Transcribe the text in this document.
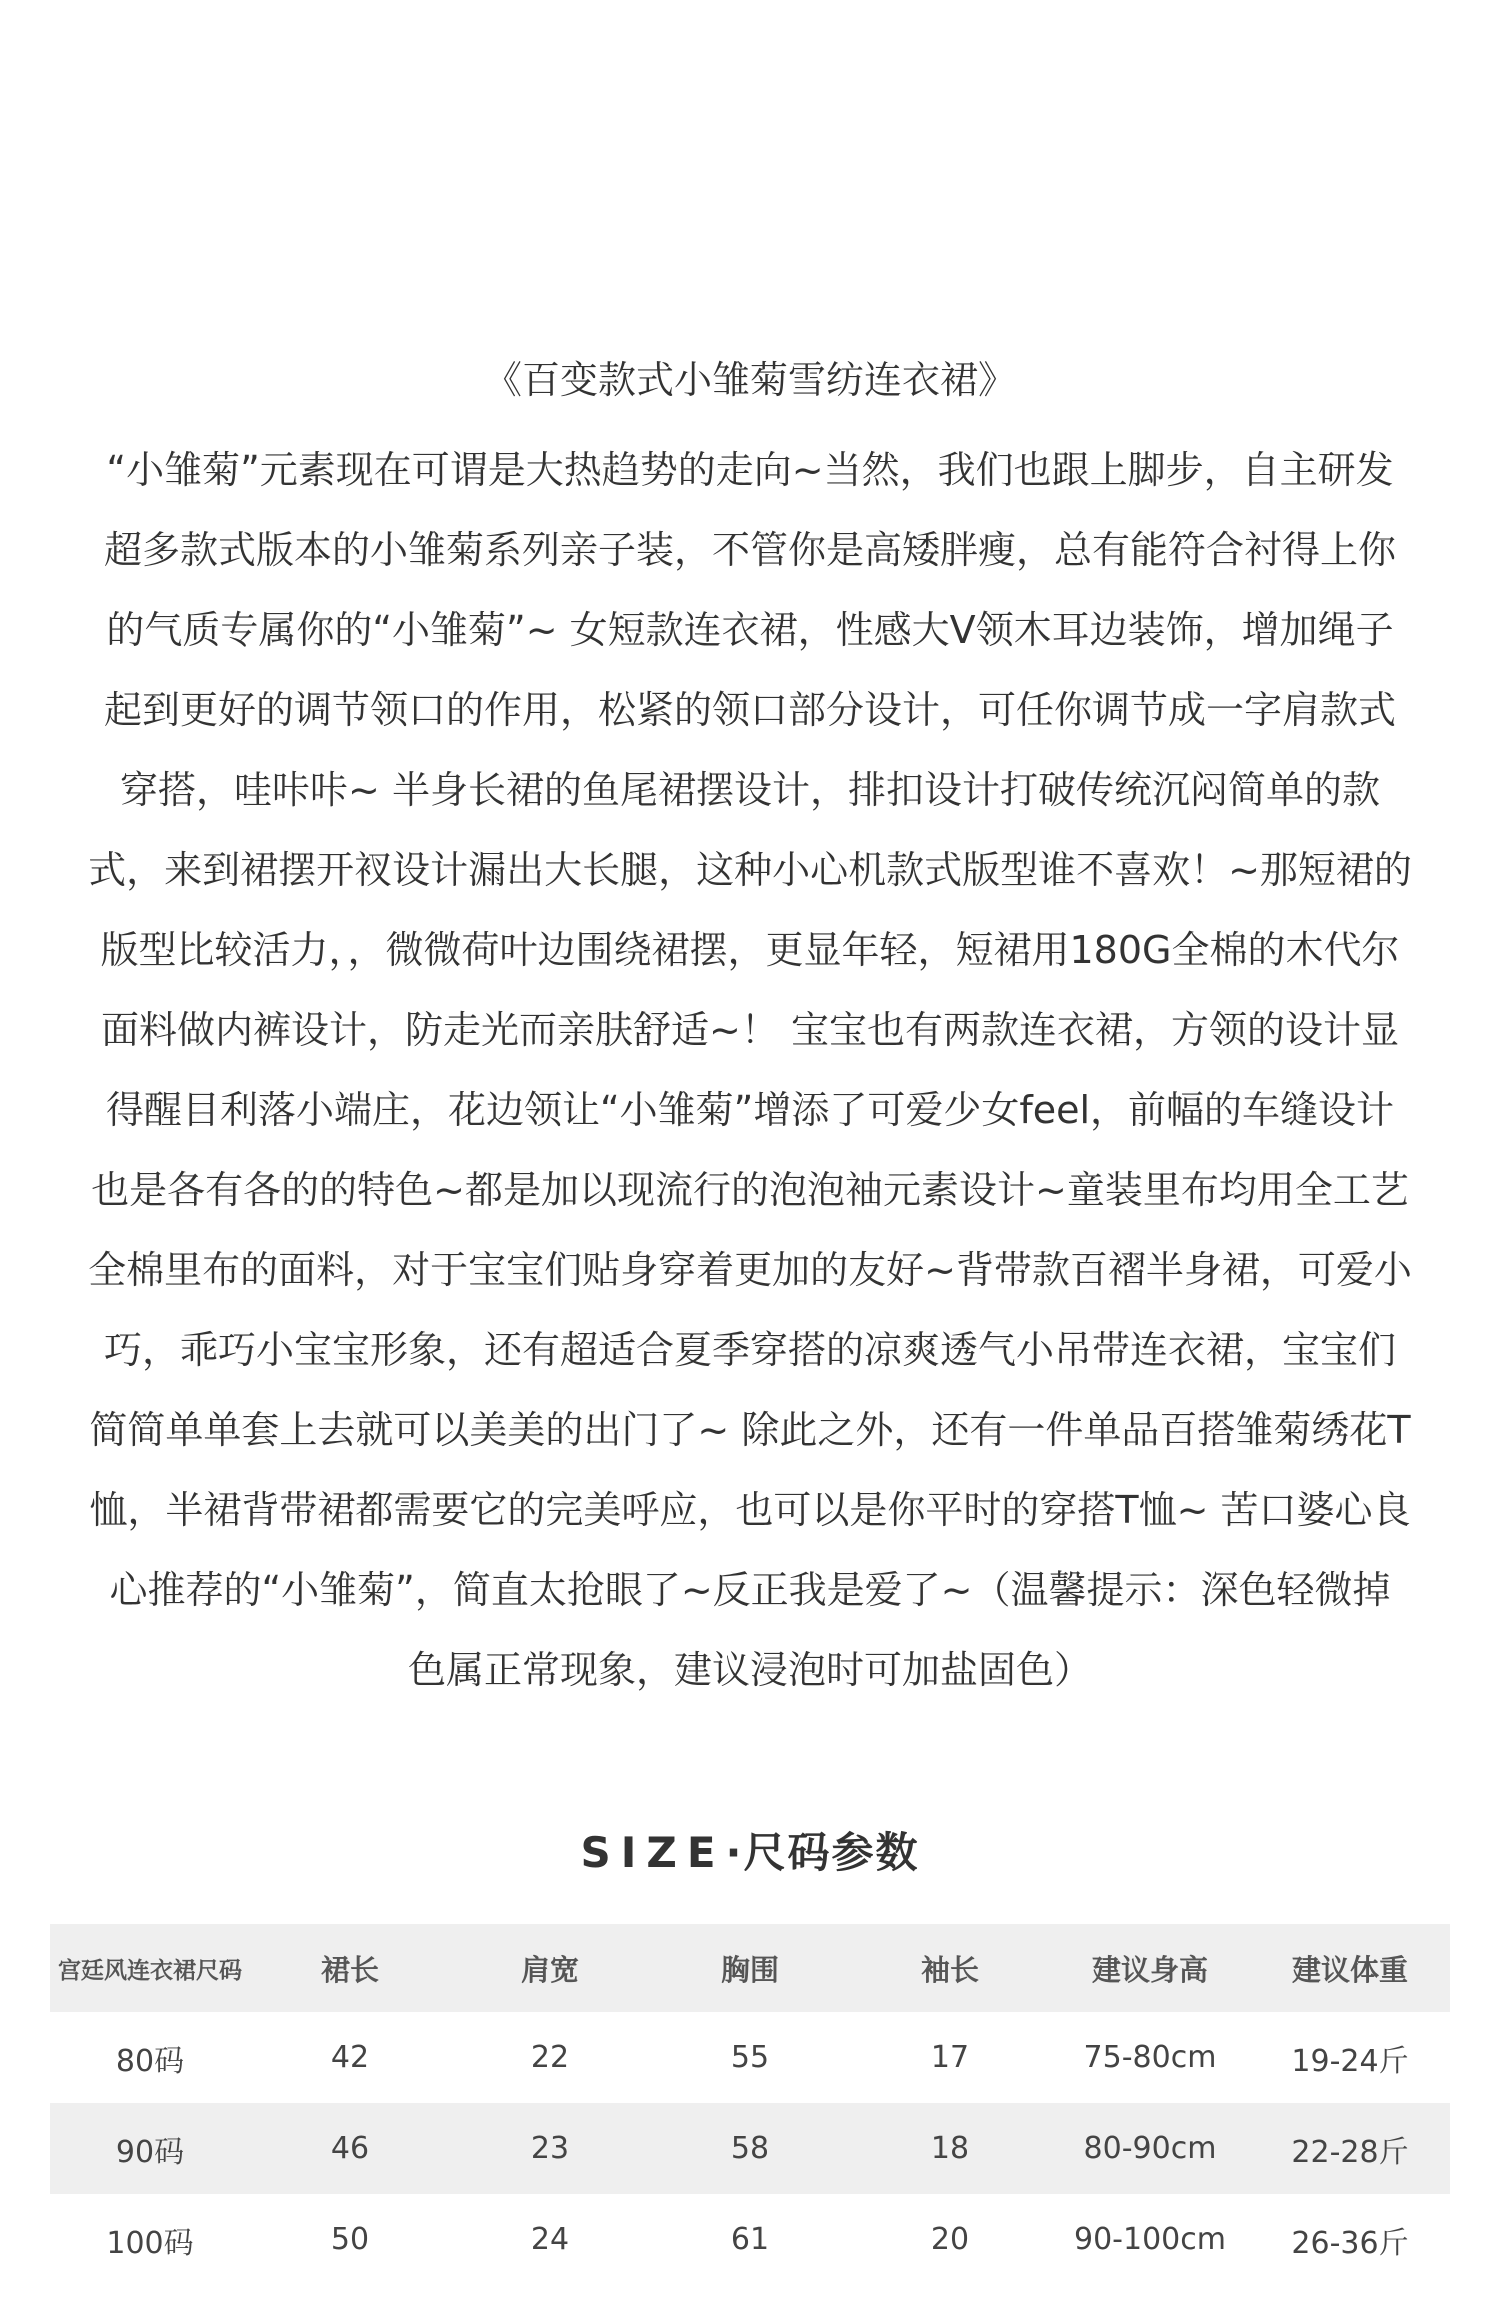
《百变款式小雏菊雪纺连衣裙》
“小雏菊”元素现在可谓是大热趋势的走向~当然，我们也跟上脚步，自主研发
超多款式版本的小雏菊系列亲子装，不管你是高矮胖瘦，总有能符合衬得上你
的气质专属你的“小雏菊”~ 女短款连衣裙，性感大V领木耳边装饰，增加绳子
起到更好的调节领口的作用，松紧的领口部分设计，可任你调节成一字肩款式
穿搭，哇咔咔~ 半身长裙的鱼尾裙摆设计，排扣设计打破传统沉闷简单的款
式，来到裙摆开衩设计漏出大长腿，这种小心机款式版型谁不喜欢！~那短裙的
版型比较活力，，微微荷叶边围绕裙摆，更显年轻，短裙用180G全棉的木代尔
面料做内裤设计，防走光而亲肤舒适~！ 宝宝也有两款连衣裙，方领的设计显
得醒目利落小端庄，花边领让“小雏菊”增添了可爱少女feel，前幅的车缝设计
也是各有各的的特色~都是加以现流行的泡泡袖元素设计~童装里布均用全工艺
全棉里布的面料，对于宝宝们贴身穿着更加的友好~背带款百褶半身裙，可爱小
巧，乖巧小宝宝形象，还有超适合夏季穿搭的凉爽透气小吊带连衣裙，宝宝们
简简单单套上去就可以美美的出门了~ 除此之外，还有一件单品百搭雏菊绣花T
恤，半裙背带裙都需要它的完美呼应，也可以是你平时的穿搭T恤~ 苦口婆心良
心推荐的“小雏菊”，简直太抢眼了~反正我是爱了~（温馨提示：深色轻微掉
色属正常现象，建议浸泡时可加盐固色）
SIZE·尺码参数
宫廷风连衣裙尺码	裙长	肩宽	胸围	袖长	建议身高	建议体重
80码	42	22	55	17	75-80cm	19-24斤
90码	46	23	58	18	80-90cm	22-28斤
100码	50	24	61	20	90-100cm	26-36斤
